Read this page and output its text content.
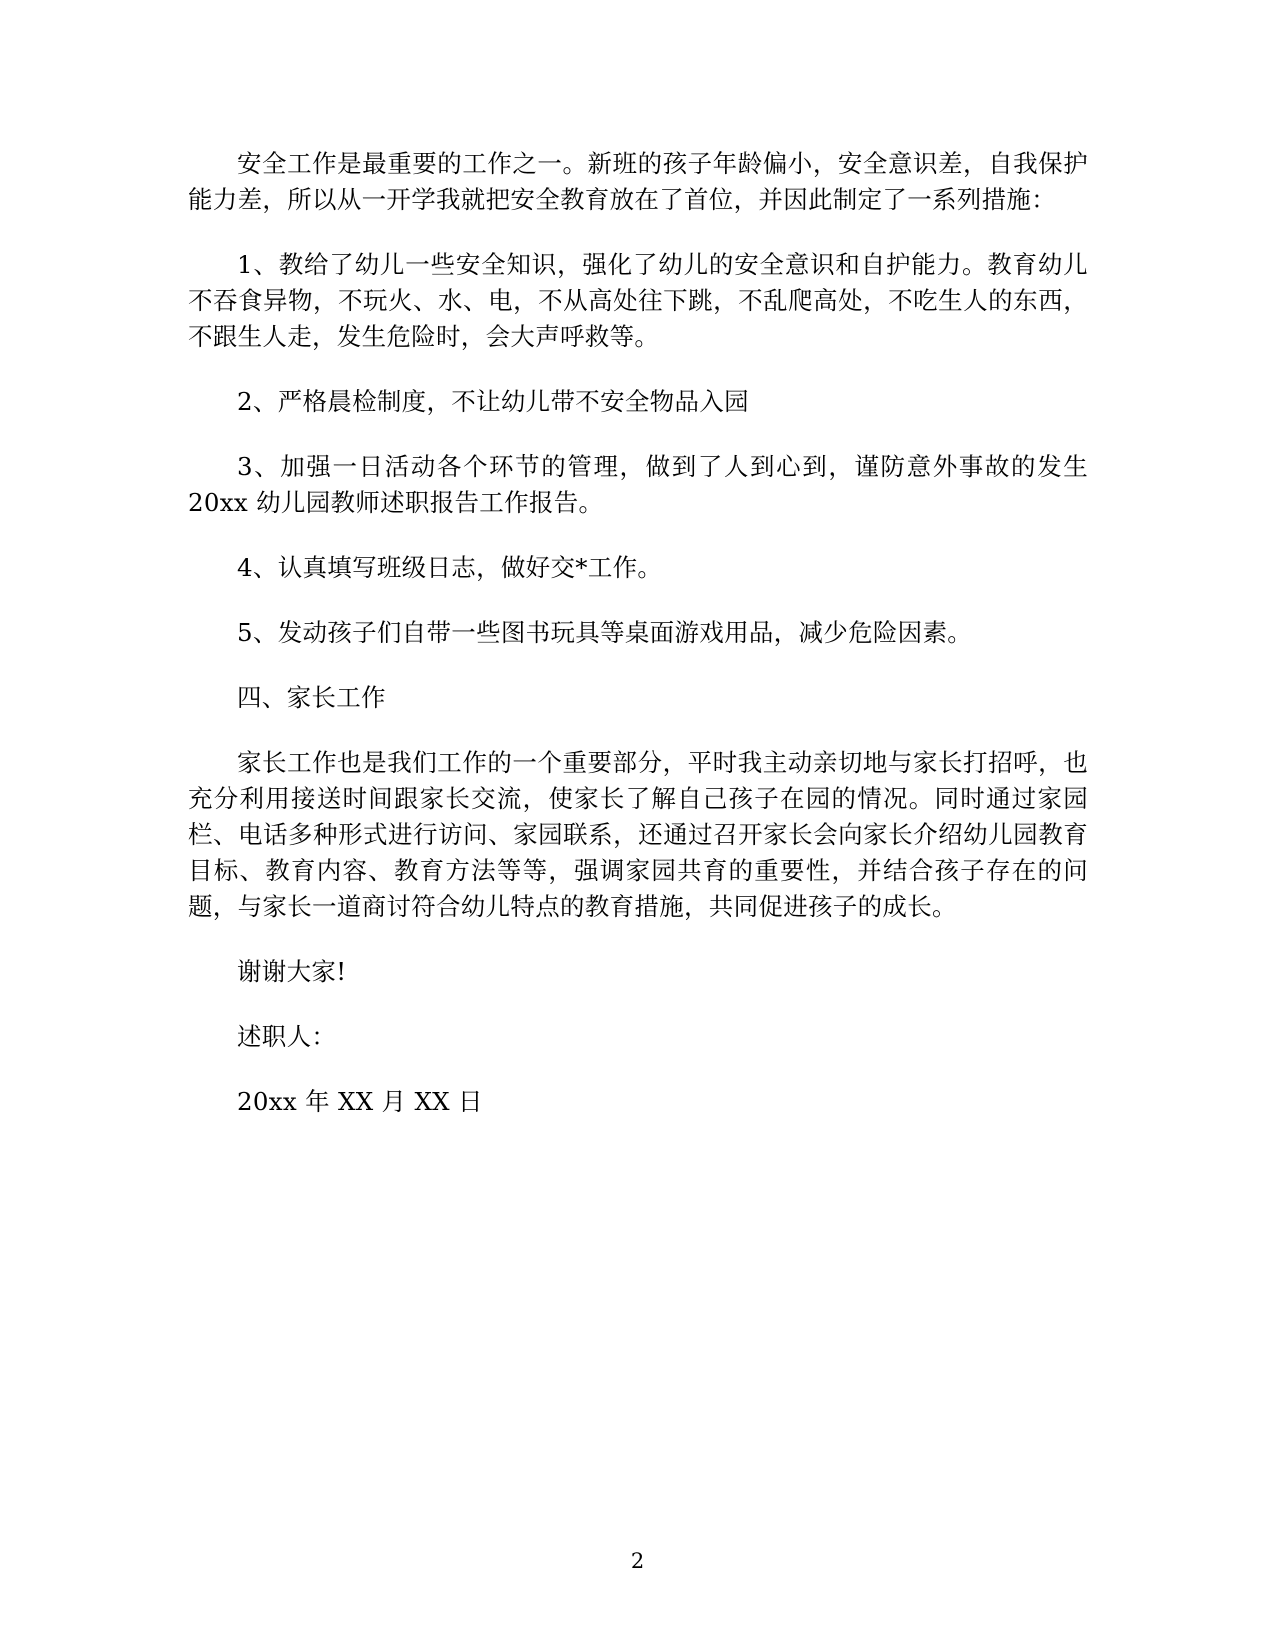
安全工作是最重要的工作之一。新班的孩子年龄偏小，安全意识差，自我保护能力差，所以从一开学我就把安全教育放在了首位，并因此制定了一系列措施：

1、教给了幼儿一些安全知识，强化了幼儿的安全意识和自护能力。教育幼儿不吞食异物，不玩火、水、电，不从高处往下跳，不乱爬高处，不吃生人的东西，不跟生人走，发生危险时，会大声呼救等。

2、严格晨检制度，不让幼儿带不安全物品入园

3、加强一日活动各个环节的管理，做到了人到心到，谨防意外事故的发生 20xx 幼儿园教师述职报告工作报告。

4、认真填写班级日志，做好交*工作。

5、发动孩子们自带一些图书玩具等桌面游戏用品，减少危险因素。

四、家长工作

家长工作也是我们工作的一个重要部分，平时我主动亲切地与家长打招呼，也充分利用接送时间跟家长交流，使家长了解自己孩子在园的情况。同时通过家园栏、电话多种形式进行访问、家园联系，还通过召开家长会向家长介绍幼儿园教育目标、教育内容、教育方法等等，强调家园共育的重要性，并结合孩子存在的问题，与家长一道商讨符合幼儿特点的教育措施，共同促进孩子的成长。

谢谢大家!

述职人：

20xx 年 XX 月 XX 日

2
